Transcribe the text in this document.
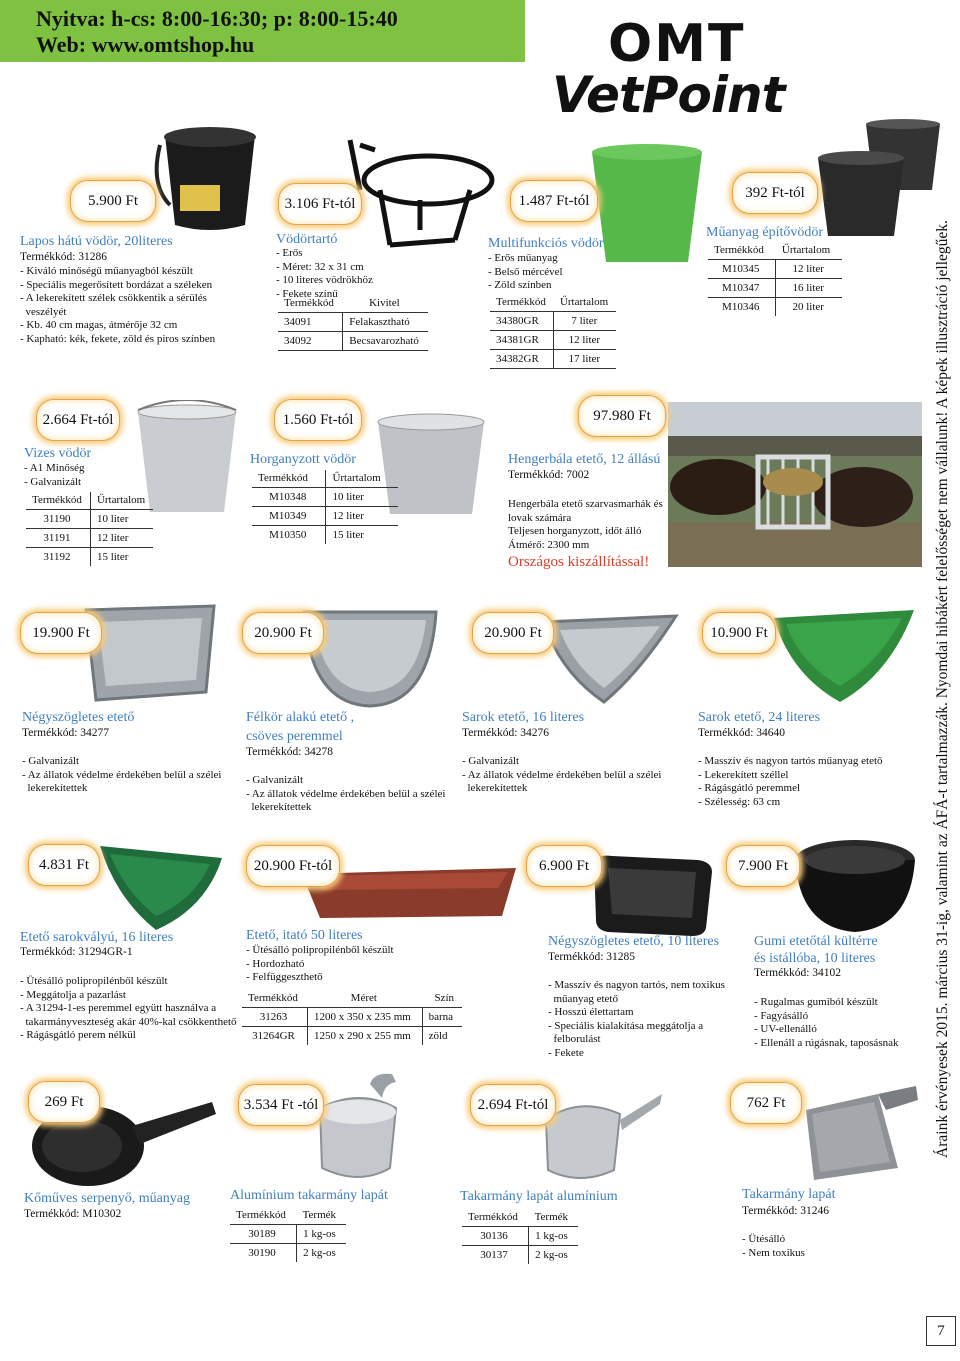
Nyitva: h-cs: 8:00-16:30; p: 8:00-15:40
Web: www.omtshop.hu	OMT
VetPoint
Áraink érvényesek 2015. március 31-ig, valamint az ÁFÁ-t tartalmazzák. Nyomdai hibákért felelősséget nem vállalunk! A képek illusztráció jellegűek.
7
5.900 Ft
Lapos hátú vödör, 20literes
Termékkód: 31286
- Kiváló minőségű műanyagból készült
- Speciális megerősített bordázat a széleken
- A lekerekített szélek csökkentik a sérülés
veszélyét
- Kb. 40 cm magas, átmérője 32 cm
- Kapható: kék, fekete, zöld és piros színben
3.106 Ft-tól
Vödörtartó
- Erős
- Méret: 32 x 31 cm
- 10 literes vödrökhöz
- Fekete színű
Termékkód	Kivitel
34091	Felakasztható
34092	Becsavarozható
1.487 Ft-tól
Multifunkciós vödör
- Erős műanyag
- Belső mércével
- Zöld színben
Termékkód	Űrtartalom
34380GR	7 liter
34381GR	12 liter
34382GR	17 liter
392 Ft-tól
Műanyag építővödör
Termékkód	Űrtartalom
M10345	12 liter
M10347	16 liter
M10346	20 liter
2.664 Ft-tól
Vizes vödör
- A1 Minőség
- Galvanizált
Termékkód	Űrtartalom
31190	10 liter
31191	12 liter
31192	15 liter
1.560 Ft-tól
Horganyzott vödör
Termékkód	Űrtartalom
M10348	10 liter
M10349	12 liter
M10350	15 liter
97.980 Ft
Hengerbála etető, 12 állású
Termékkód: 7002
Hengerbála etető szarvasmarhák és
lovak számára
Teljesen horganyzott, időt álló
Átmérő: 2300 mm
Országos kiszállítással!
19.900 Ft
Négyszögletes etető
Termékkód: 34277
- Galvanizált
- Az állatok védelme érdekében belül a szélei
lekerekítettek
20.900 Ft
Félkör alakú etető ,
csöves peremmel
Termékkód: 34278
- Galvanizált
- Az állatok védelme érdekében belül a szélei
lekerekítettek
20.900 Ft
Sarok etető, 16 literes
Termékkód: 34276
- Galvanizált
- Az állatok védelme érdekében belül a szélei
lekerekítettek
10.900 Ft
Sarok etető, 24 literes
Termékkód: 34640
- Masszív és nagyon tartós műanyag etető
- Lekerekített széllel
- Rágásgátló peremmel
- Szélesség: 63 cm
4.831 Ft
Etető sarokvályú, 16 literes
Termékkód: 31294GR-1
- Ütésálló polipropilénből készült
- Meggátolja a pazarlást
- A 31294-1-es peremmel együtt használva a
takarmányveszteség akár 40%-kal csökkenthető
- Rágásgátló perem nélkül
20.900 Ft-tól
Etető, itató 50 literes
- Ütésálló polipropilénből készült
- Hordozható
- Felfüggeszthető
Termékkód	Méret	Szín
31263	1200 x 350 x 235 mm	barna
31264GR	1250 x 290 x 255 mm	zöld
6.900 Ft
Négyszögletes etető, 10 literes
Termékkód: 31285
- Masszív és nagyon tartós, nem toxikus
műanyag etető
- Hosszú élettartam
- Speciális kialakítása meggátolja a
felborulást
- Fekete
7.900 Ft
Gumi etetőtál kültérre
és istállóba, 10 literes
Termékkód: 34102
- Rugalmas gumiból készült
- Fagyásálló
- UV-ellenálló
- Ellenáll a rúgásnak, taposásnak
269 Ft
Kőműves serpenyő, műanyag
Termékkód: M10302
3.534 Ft -tól
Alumínium takarmány lapát
Termékkód	Termék
30189	1 kg-os
30190	2 kg-os
2.694 Ft-tól
Takarmány lapát alumínium
Termékkód	Termék
30136	1 kg-os
30137	2 kg-os
762 Ft
Takarmány lapát
Termékkód: 31246
- Ütésálló
- Nem toxikus
